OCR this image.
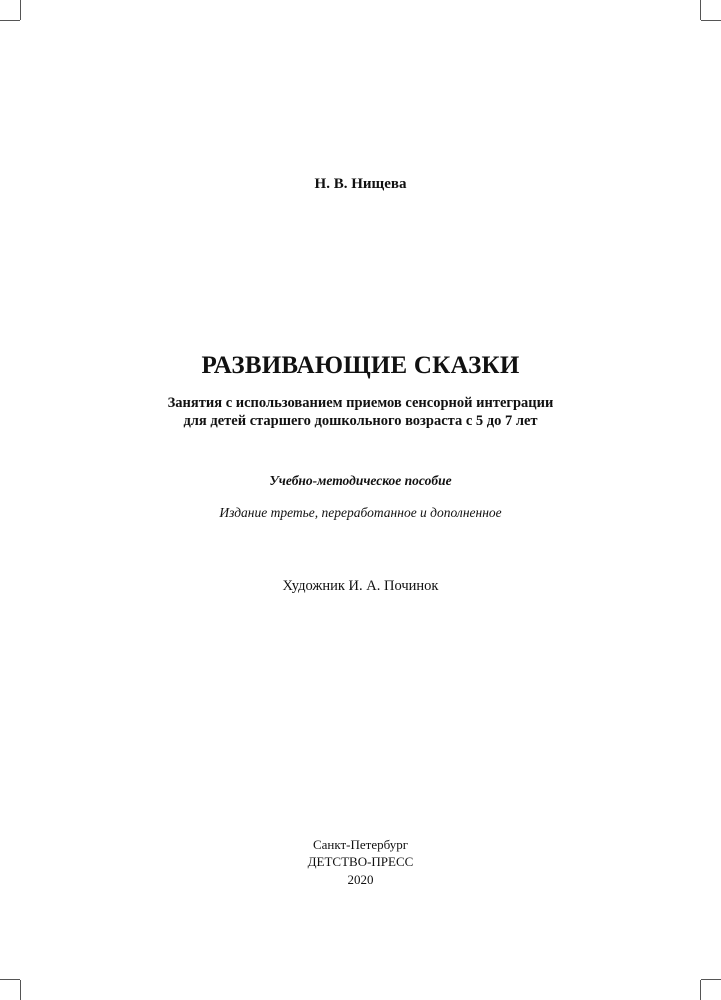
Н. В. Нищева
РАЗВИВАЮЩИЕ СКАЗКИ
Занятия с использованием приемов сенсорной интеграции
для детей старшего дошкольного возраста с 5 до 7 лет
Учебно-методическое пособие
Издание третье, переработанное и дополненное
Художник И. А. Починок
Санкт-Петербург
ДЕТСТВО-ПРЕСС
2020
